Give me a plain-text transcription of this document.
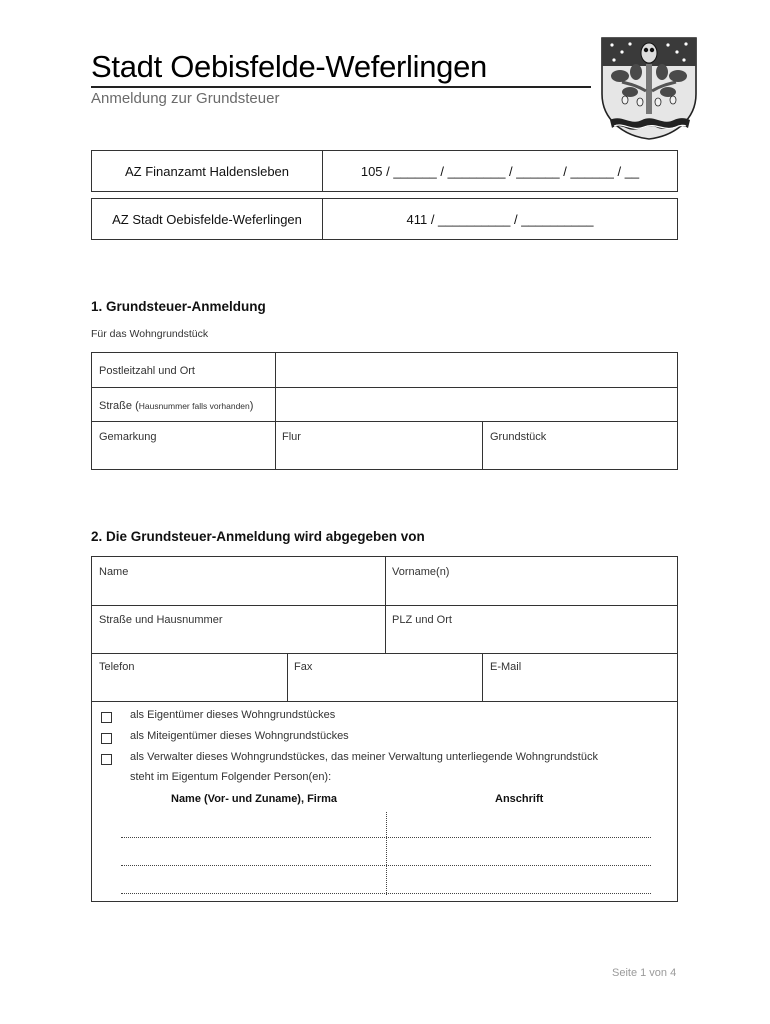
Stadt Oebisfelde-Weferlingen
Anmeldung zur Grundsteuer
AZ Finanzamt Haldensleben	105 / ______ / ________ / ______ / ______ / __
AZ Stadt Oebisfelde-Weferlingen	411 / __________ / __________
1. Grundsteuer-Anmeldung
Für das Wohngrundstück
Postleitzahl und Ort
Straße (Hausnummer falls vorhanden)
Gemarkung	Flur	Grundstück
2. Die Grundsteuer-Anmeldung wird abgegeben von
Name	Vorname(n)
Straße und Hausnummer	PLZ und Ort
Telefon	Fax	E-Mail
als Eigentümer dieses Wohngrundstückes
als Miteigentümer dieses Wohngrundstückes
als Verwalter dieses Wohngrundstückes, das meiner Verwaltung unterliegende Wohngrundstück
steht im Eigentum Folgender Person(en):
Name (Vor- und Zuname), Firma	Anschrift
Seite 1 von 4
